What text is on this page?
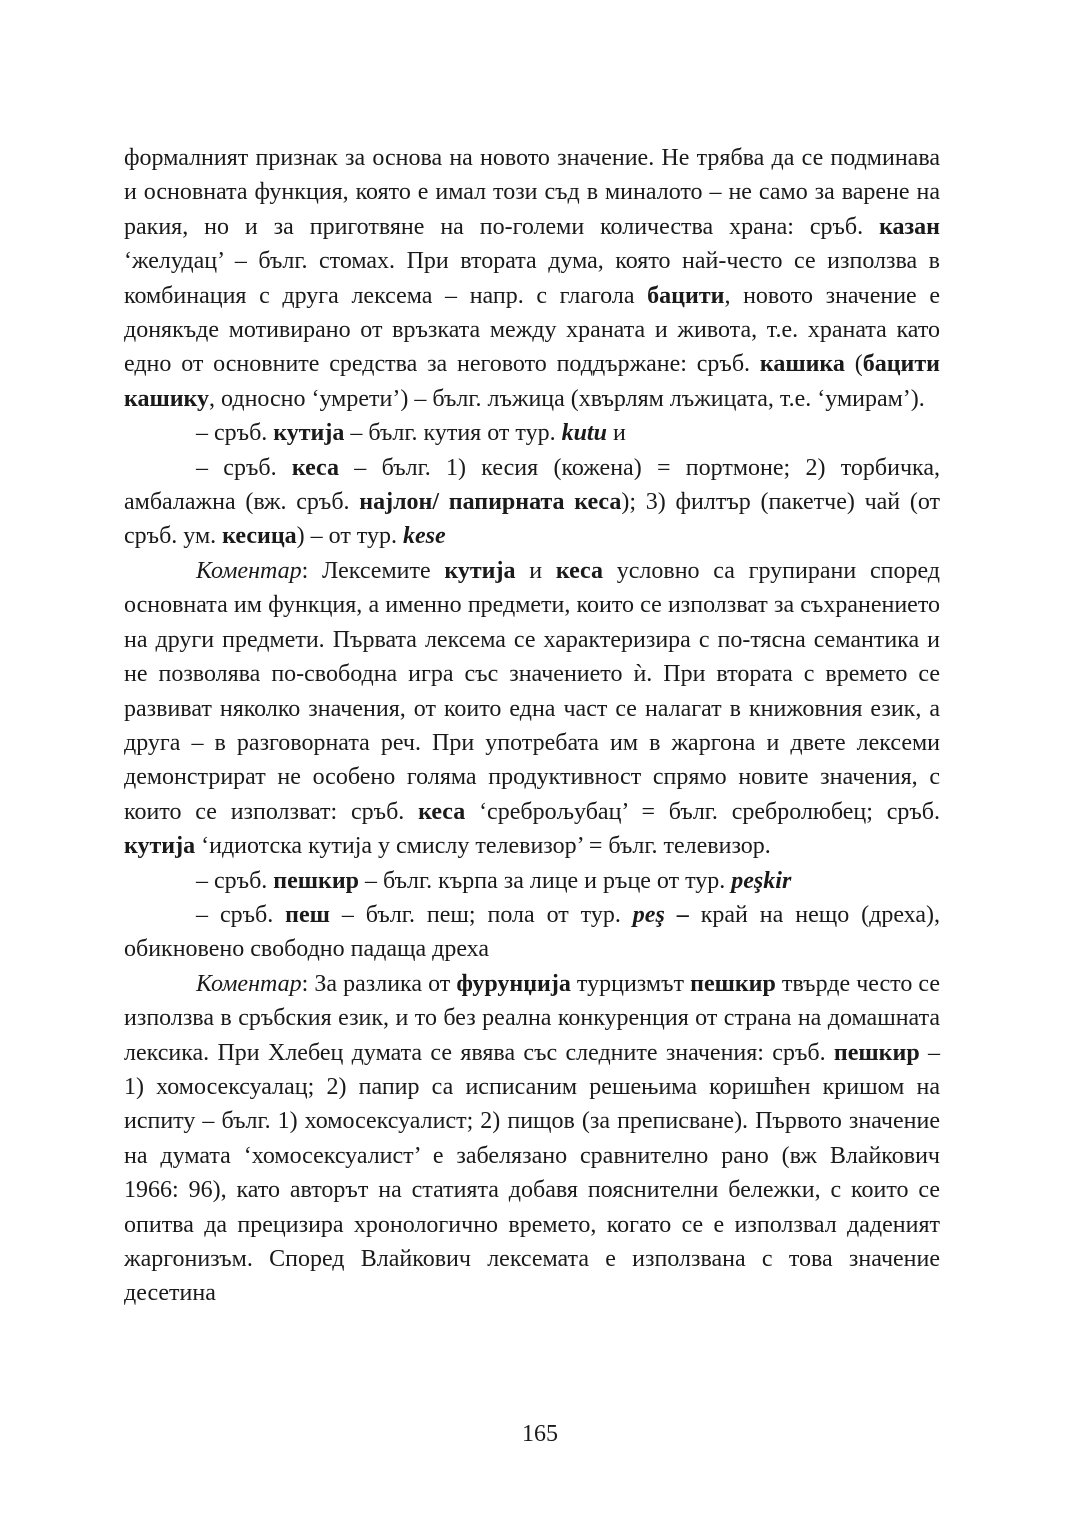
формалният признак за основа на новото значение. Не трябва да се подминава и основната функция, която е имал този съд в миналото – не само за варене на ракия, но и за приготвяне на по-големи количества храна: сръб. казан ‘желудац’ – бълг. стомах. При втората дума, която най-често се използва в комбинация с друга лексема – напр. с глагола бацити, новото значение е донякъде мотивирано от връзката между храната и живота, т.е. храната като едно от основните средства за неговото поддържане: сръб. кашика (бацити кашику, односно ‘умрети’) – бълг. лъжица (хвърлям лъжицата, т.е. ‘умирам’).

– сръб. кутија – бълг. кутия от тур. kutu и

– сръб. кеса – бълг. 1) кесия (кожена) = портмоне; 2) торбичка, амбалажна (вж. сръб. најлон/ папирната кеса); 3) филтър (пакетче) чай (от сръб. ум. кесица) – от тур. kese

Коментар: Лексемите кутија и кеса условно са групирани според основната им функция, а именно предмети, които се използват за съхранението на други предмети. Първата лексема се характеризира с по-тясна семантика и не позволява по-свободна игра със значението ѝ. При втората с времето се развиват няколко значения, от които една част се налагат в книжовния език, а друга – в разговорната реч. При употребата им в жаргона и двете лексеми демонстрират не особено голяма продуктивност спрямо новите значения, с които се използват: сръб. кеса ‘среброљубац’ = бълг. сребролюбец; сръб. кутија ‘идиотска кутија у смислу телевизор’ = бълг. телевизор.

– сръб. пешкир – бълг. кърпа за лице и ръце от тур. peşkir

– сръб. пеш – бълг. пеш; пола от тур. peş – край на нещо (дреха), обикновено свободно падаща дреха

Коментар: За разлика от фурунџија турцизмът пешкир твърде често се използва в сръбския език, и то без реална конкуренция от страна на домашната лексика. При Хлебец думата се явява със следните значения: сръб. пешкир – 1) хомосексуалац; 2) папир са исписаним решењима коришћен кришом на испиту – бълг. 1) хомосексуалист; 2) пищов (за преписване). Първото значение на думата ‘хомосексуалист’ е забелязано сравнително рано (вж Влайкович 1966: 96), като авторът на статията добавя пояснителни бележки, с които се опитва да прецизира хронологично времето, когато се е използвал даденият жаргонизъм. Според Влайкович лексемата е използвана с това значение десетина

165
